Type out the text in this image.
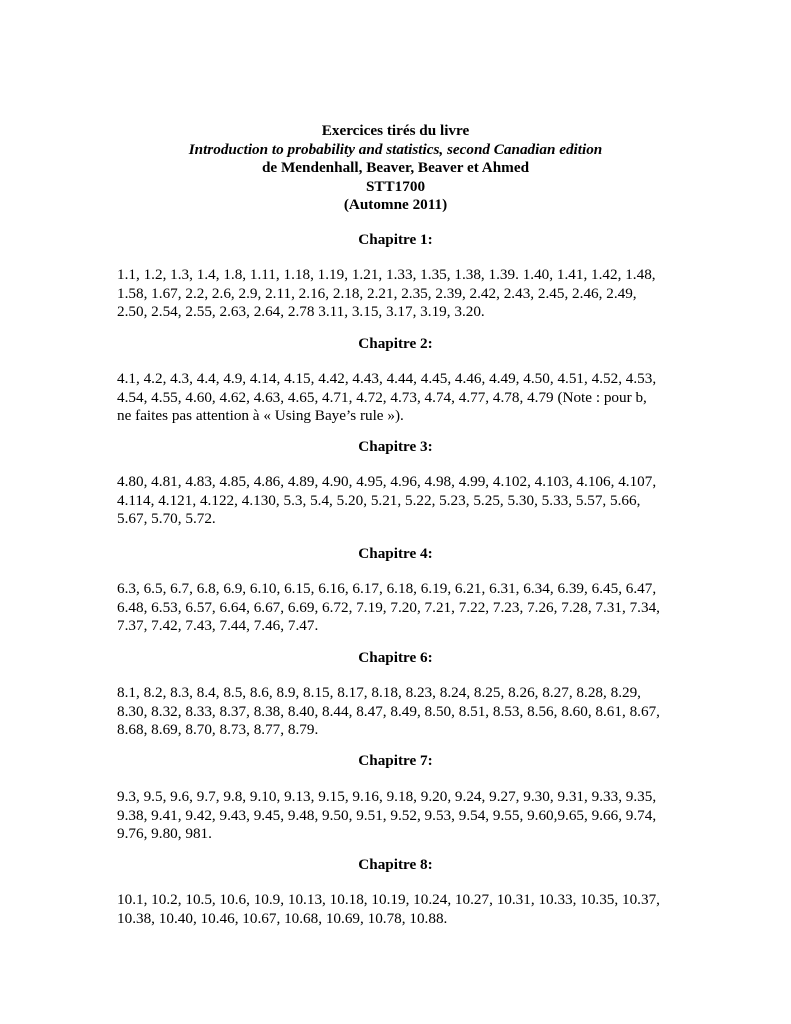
Exercices tirés du livre
Introduction to probability and statistics, second Canadian edition
de Mendenhall, Beaver, Beaver et Ahmed
STT1700
(Automne 2011)
Chapitre 1:
1.1, 1.2, 1.3, 1.4, 1.8, 1.11, 1.18, 1.19, 1.21, 1.33, 1.35, 1.38, 1.39. 1.40, 1.41, 1.42, 1.48,
1.58, 1.67, 2.2, 2.6, 2.9, 2.11, 2.16, 2.18, 2.21, 2.35, 2.39, 2.42, 2.43, 2.45, 2.46, 2.49,
2.50, 2.54, 2.55, 2.63, 2.64, 2.78 3.11, 3.15, 3.17, 3.19, 3.20.
Chapitre 2:
4.1, 4.2, 4.3, 4.4, 4.9, 4.14, 4.15, 4.42, 4.43, 4.44, 4.45, 4.46, 4.49, 4.50, 4.51, 4.52, 4.53,
4.54, 4.55, 4.60, 4.62, 4.63, 4.65, 4.71, 4.72, 4.73, 4.74, 4.77, 4.78, 4.79 (Note : pour b,
ne faites pas attention à « Using Baye’s rule »).
Chapitre 3:
4.80, 4.81, 4.83, 4.85, 4.86, 4.89, 4.90, 4.95, 4.96, 4.98, 4.99, 4.102, 4.103, 4.106, 4.107,
4.114, 4.121, 4.122, 4.130, 5.3, 5.4, 5.20, 5.21, 5.22, 5.23, 5.25, 5.30, 5.33, 5.57, 5.66,
5.67, 5.70, 5.72.
Chapitre 4:
6.3, 6.5, 6.7, 6.8, 6.9, 6.10, 6.15, 6.16, 6.17, 6.18, 6.19, 6.21, 6.31, 6.34, 6.39, 6.45, 6.47,
6.48, 6.53, 6.57, 6.64, 6.67, 6.69, 6.72, 7.19, 7.20, 7.21, 7.22, 7.23, 7.26, 7.28, 7.31, 7.34,
7.37, 7.42, 7.43, 7.44, 7.46, 7.47.
Chapitre 6:
8.1, 8.2, 8.3, 8.4, 8.5, 8.6, 8.9, 8.15, 8.17, 8.18, 8.23, 8.24, 8.25, 8.26, 8.27, 8.28, 8.29,
8.30, 8.32, 8.33, 8.37, 8.38, 8.40, 8.44, 8.47, 8.49, 8.50, 8.51, 8.53, 8.56, 8.60, 8.61, 8.67,
8.68, 8.69, 8.70, 8.73, 8.77, 8.79.
Chapitre 7:
9.3, 9.5, 9.6, 9.7, 9.8, 9.10, 9.13, 9.15, 9.16, 9.18, 9.20, 9.24, 9.27, 9.30, 9.31, 9.33, 9.35,
9.38, 9.41, 9.42, 9.43, 9.45, 9.48, 9.50, 9.51, 9.52, 9.53, 9.54, 9.55, 9.60,9.65, 9.66, 9.74,
9.76, 9.80, 981.
Chapitre 8:
10.1, 10.2, 10.5, 10.6, 10.9, 10.13, 10.18, 10.19, 10.24, 10.27, 10.31, 10.33, 10.35, 10.37,
10.38, 10.40, 10.46, 10.67, 10.68, 10.69, 10.78, 10.88.
